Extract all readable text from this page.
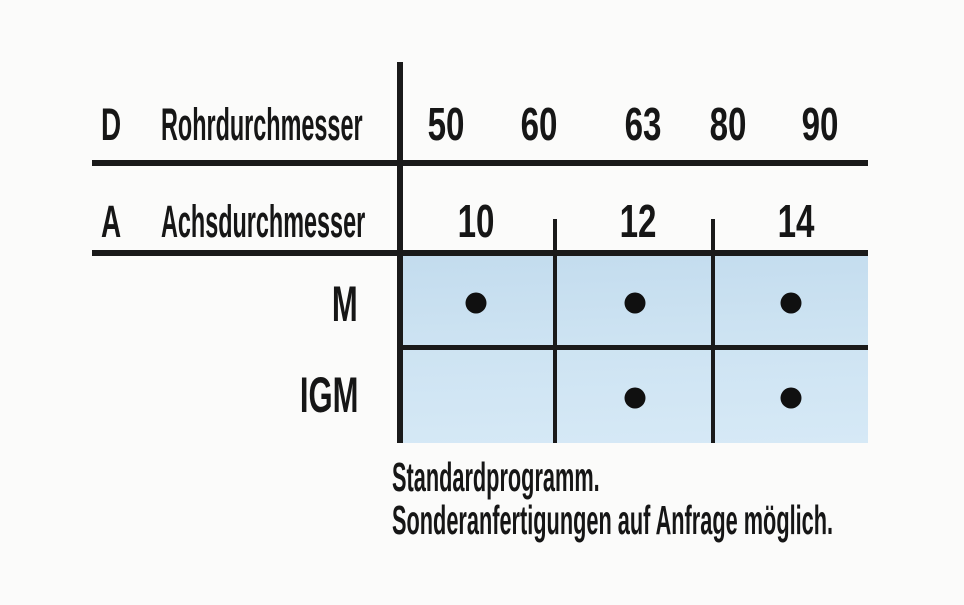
D Rohrdurchmesser 50 60 63 80 90
A Achsdurchmesser 10	12	14
M
IGM
Standardprogramm.
Sonderanfertigungen auf Anfrage möglich.
